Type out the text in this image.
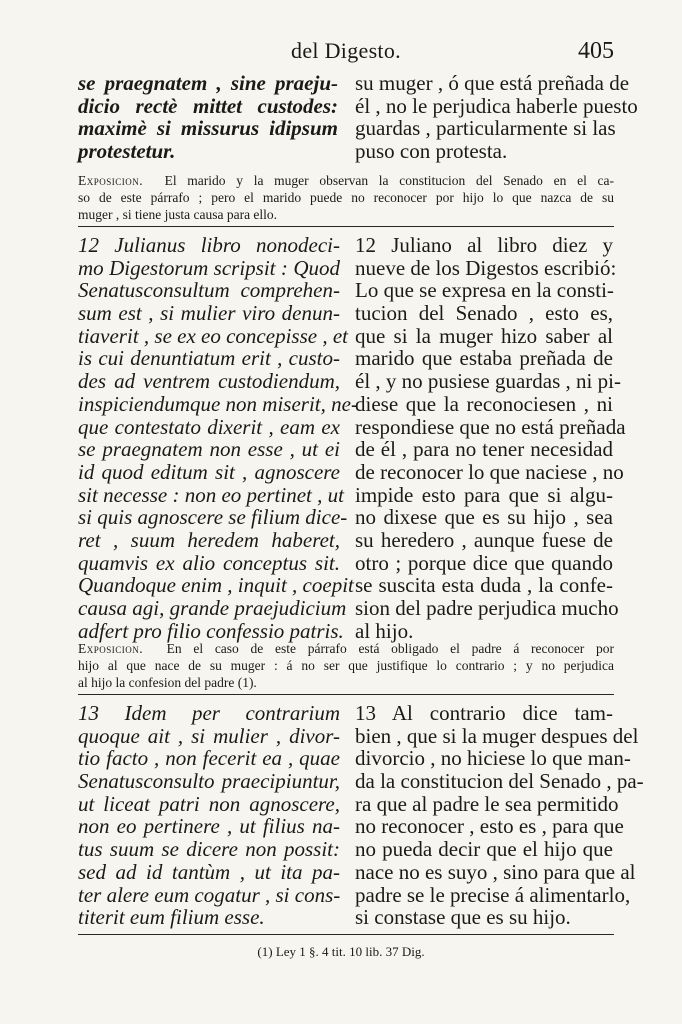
del Digesto.	405
se praegnatem , sine praeju-
dicio rectè mittet custodes:
maximè si missurus idipsum
protestetur.
su muger , ó que está preñada de
él , no le perjudica haberle puesto
guardas , particularmente si las
puso con protesta.
Exposicion. El marido y la muger observan la constitucion del Senado en el ca-
so de este párrafo ; pero el marido puede no reconocer por hijo lo que nazca de su
muger , si tiene justa causa para ello.
12 Julianus libro nonodeci-
mo Digestorum scripsit : Quod
Senatusconsultum comprehen-
sum est , si mulier viro denun-
tiaverit , se ex eo concepisse , et
is cui denuntiatum erit , custo-
des ad ventrem custodiendum,
inspiciendumque non miserit, ne-
que contestato dixerit , eam ex
se praegnatem non esse , ut ei
id quod editum sit , agnoscere
sit necesse : non eo pertinet , ut
si quis agnoscere se filium dice-
ret , suum heredem haberet,
quamvis ex alio conceptus sit.
Quandoque enim , inquit , coepit
causa agi, grande praejudicium
adfert pro filio confessio patris.
12 Juliano al libro diez y
nueve de los Digestos escribió:
Lo que se expresa en la consti-
tucion del Senado , esto es,
que si la muger hizo saber al
marido que estaba preñada de
él , y no pusiese guardas , ni pi-
diese que la reconociesen , ni
respondiese que no está preñada
de él , para no tener necesidad
de reconocer lo que naciese , no
impide esto para que si algu-
no dixese que es su hijo , sea
su heredero , aunque fuese de
otro ; porque dice que quando
se suscita esta duda , la confe-
sion del padre perjudica mucho
al hijo.
Exposicion. En el caso de este párrafo está obligado el padre á reconocer por
hijo al que nace de su muger : á no ser que justifique lo contrario ; y no perjudica
al hijo la confesion del padre (1).
13 Idem per contrarium
quoque ait , si mulier , divor-
tio facto , non fecerit ea , quae
Senatusconsulto praecipiuntur,
ut liceat patri non agnoscere,
non eo pertinere , ut filius na-
tus suum se dicere non possit:
sed ad id tantùm , ut ita pa-
ter alere eum cogatur , si cons-
titerit eum filium esse.
13 Al contrario dice tam-
bien , que si la muger despues del
divorcio , no hiciese lo que man-
da la constitucion del Senado , pa-
ra que al padre le sea permitido
no reconocer , esto es , para que
no pueda decir que el hijo que
nace no es suyo , sino para que al
padre se le precise á alimentarlo,
si constase que es su hijo.
(1) Ley 1 §. 4 tit. 10 lib. 37 Dig.
